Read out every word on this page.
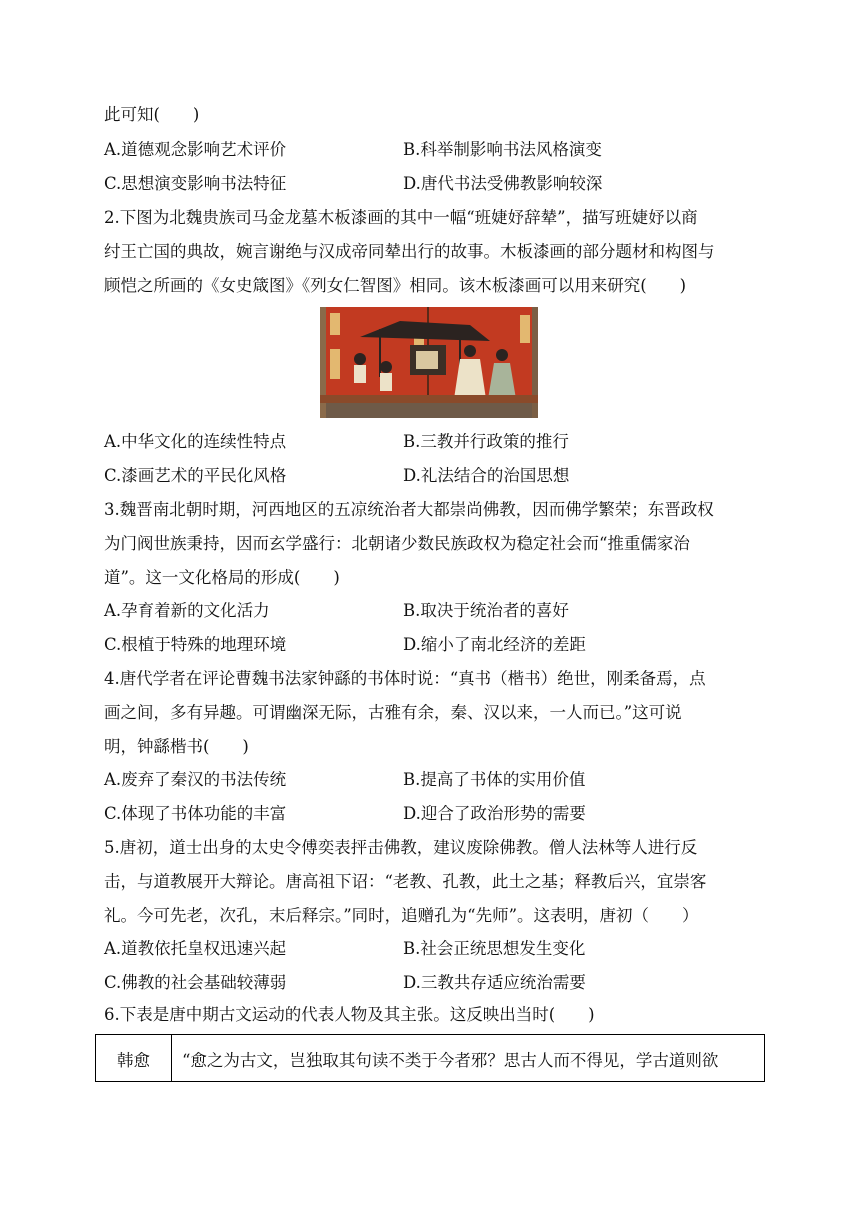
此可知(　　)
A.道德观念影响艺术评价	B.科举制影响书法风格演变
C.思想演变影响书法特征	D.唐代书法受佛教影响较深
2.下图为北魏贵族司马金龙墓木板漆画的其中一幅“班婕妤辞辇”，描写班婕妤以商
纣王亡国的典故，婉言谢绝与汉成帝同辇出行的故事。木板漆画的部分题材和构图与
顾恺之所画的《女史箴图》《列女仁智图》相同。该木板漆画可以用来研究(　　)
A.中华文化的连续性特点	B.三教并行政策的推行
C.漆画艺术的平民化风格	D.礼法结合的治国思想
3.魏晋南北朝时期，河西地区的五凉统治者大都崇尚佛教，因而佛学繁荣；东晋政权
为门阀世族秉持，因而玄学盛行：北朝诸少数民族政权为稳定社会而“推重儒家治
道”。这一文化格局的形成(　　)
A.孕育着新的文化活力	B.取决于统治者的喜好
C.根植于特殊的地理环境	D.缩小了南北经济的差距
4.唐代学者在评论曹魏书法家钟繇的书体时说：“真书（楷书）绝世，刚柔备焉，点
画之间，多有异趣。可谓幽深无际，古雅有余，秦、汉以来，一人而已。”这可说
明，钟繇楷书(　　)
A.废弃了秦汉的书法传统	B.提高了书体的实用价值
C.体现了书体功能的丰富	D.迎合了政治形势的需要
5.唐初，道士出身的太史令傅奕表抨击佛教，建议废除佛教。僧人法林等人进行反
击，与道教展开大辩论。唐高祖下诏：“老教、孔教，此土之基；释教后兴，宜崇客
礼。今可先老，次孔，末后释宗。”同时，追赠孔为“先师”。这表明，唐初（　　）
A.道教依托皇权迅速兴起	B.社会正统思想发生变化
C.佛教的社会基础较薄弱	D.三教共存适应统治需要
6.下表是唐中期古文运动的代表人物及其主张。这反映出当时(　　)
韩愈	“愈之为古文，岂独取其句读不类于今者邪？思古人而不得见，学古道则欲
